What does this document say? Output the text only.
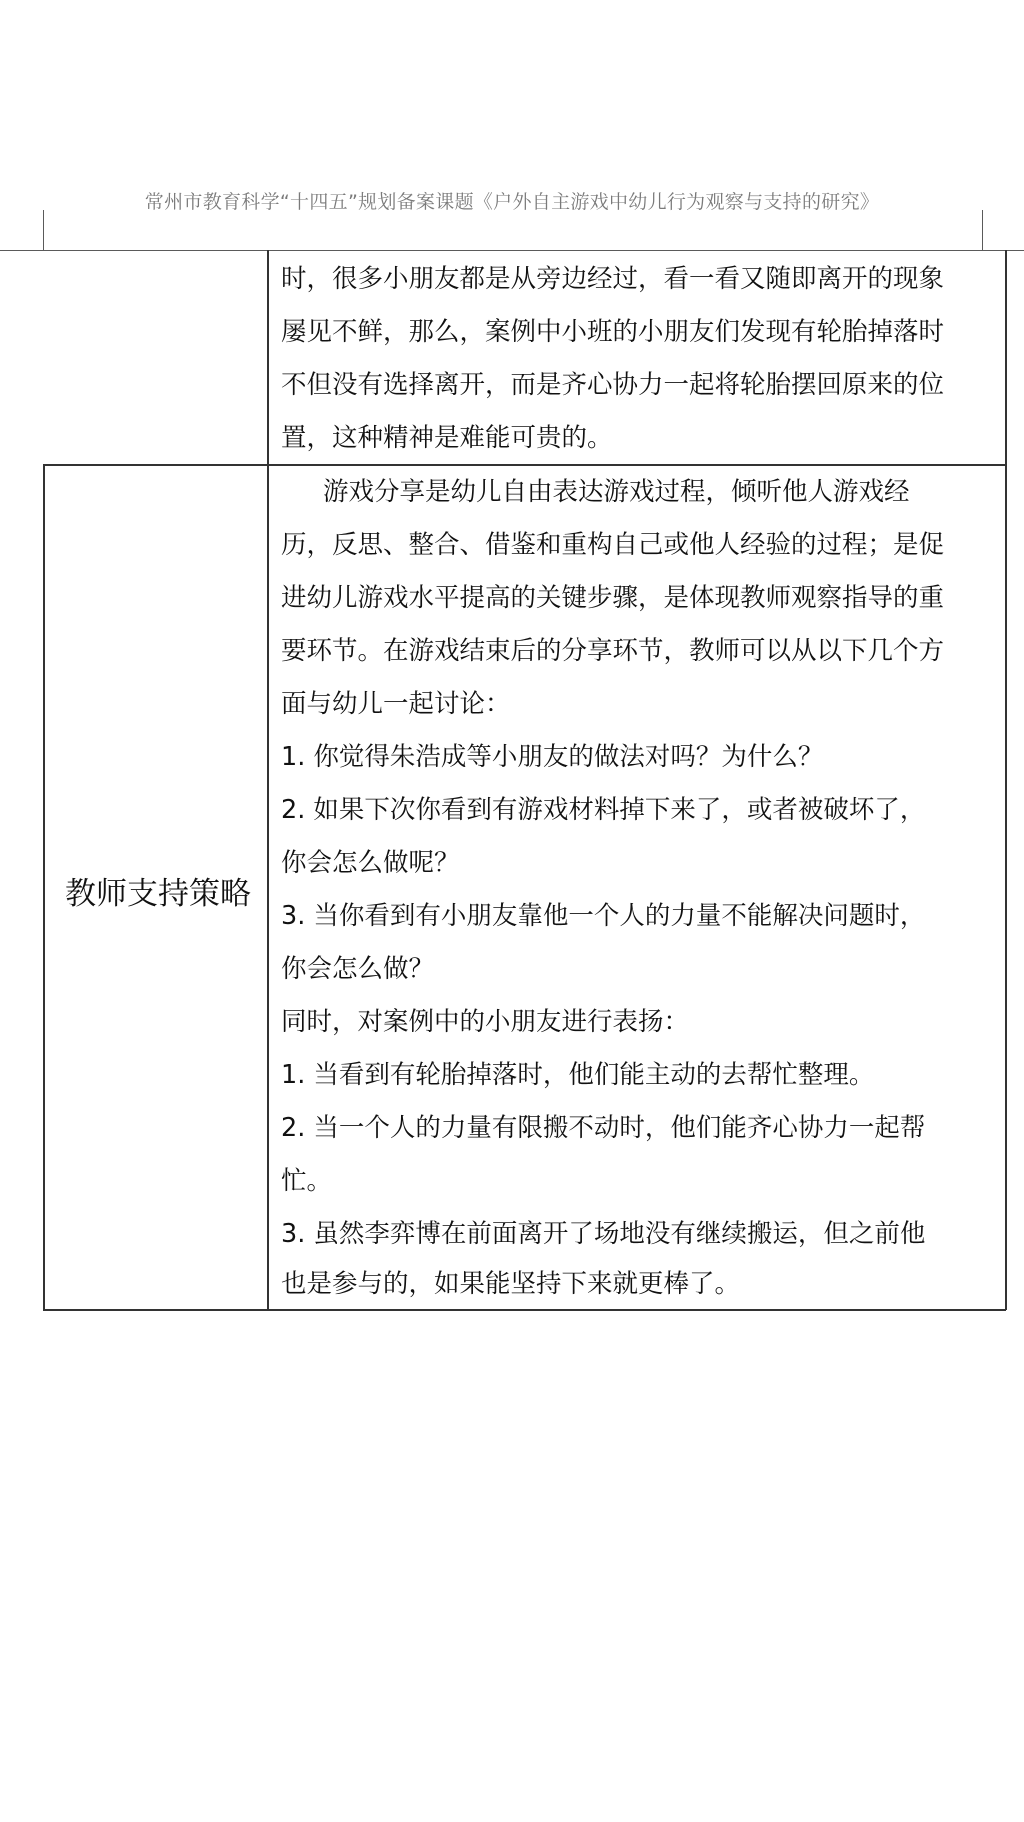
常州市教育科学“十四五”规划备案课题《户外自主游戏中幼儿行为观察与支持的研究》
时，很多小朋友都是从旁边经过，看一看又随即离开的现象
屡见不鲜，那么，案例中小班的小朋友们发现有轮胎掉落时
不但没有选择离开，而是齐心协力一起将轮胎摆回原来的位
置，这种精神是难能可贵的。
教师支持策略
游戏分享是幼儿自由表达游戏过程，倾听他人游戏经
历，反思、整合、借鉴和重构自己或他人经验的过程；是促
进幼儿游戏水平提高的关键步骤，是体现教师观察指导的重
要环节。在游戏结束后的分享环节，教师可以从以下几个方
面与幼儿一起讨论：
1. 你觉得朱浩成等小朋友的做法对吗？为什么？
2. 如果下次你看到有游戏材料掉下来了，或者被破坏了，
你会怎么做呢？
3. 当你看到有小朋友靠他一个人的力量不能解决问题时，
你会怎么做？
同时，对案例中的小朋友进行表扬：
1. 当看到有轮胎掉落时，他们能主动的去帮忙整理。
2. 当一个人的力量有限搬不动时，他们能齐心协力一起帮
忙。
3. 虽然李弈博在前面离开了场地没有继续搬运，但之前他
也是参与的，如果能坚持下来就更棒了。
